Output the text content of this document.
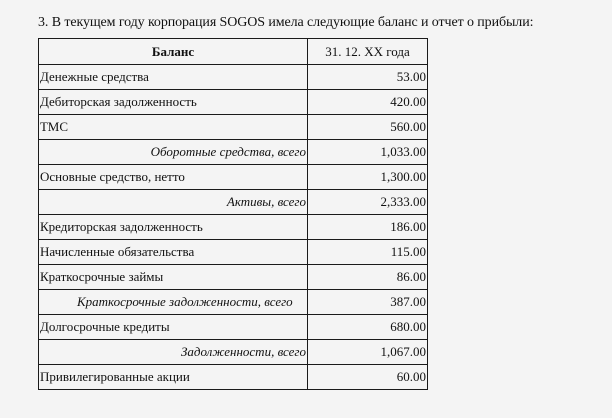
3. В текущем году корпорация SOGOS имела следующие баланс и отчет о прибыли:
Баланс	31. 12. XX года
Денежные средства	53.00
Дебиторская задолженность	420.00
ТМС	560.00
Оборотные средства, всего	1,033.00
Основные средство, нетто	1,300.00
Активы, всего	2,333.00
Кредиторская задолженность	186.00
Начисленные обязательства	115.00
Краткосрочные займы	86.00
Краткосрочные задолженности, всего	387.00
Долгосрочные кредиты	680.00
Задолженности, всего	1,067.00
Привилегированные акции	60.00
